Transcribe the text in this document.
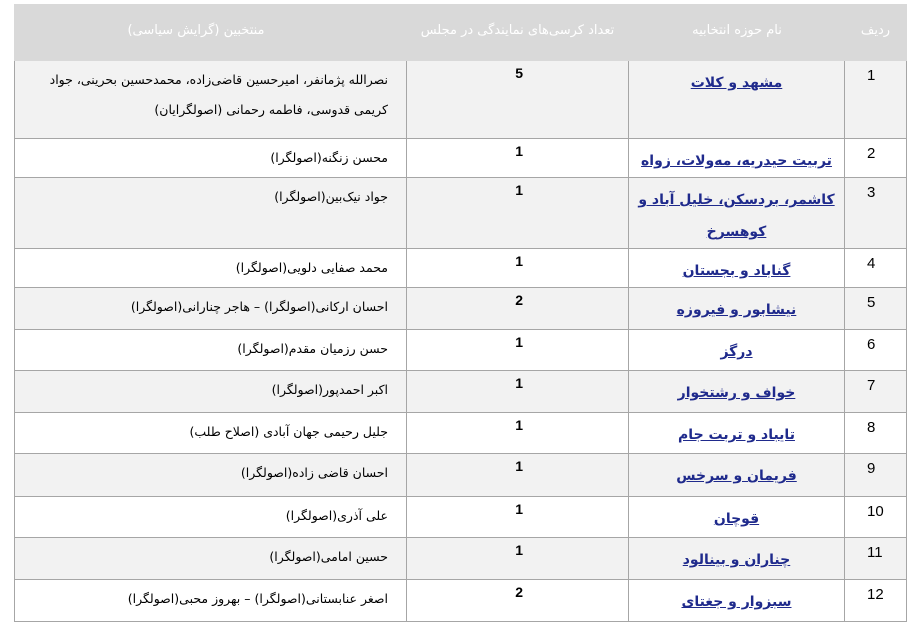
ردیف	نام حوزه انتخابیه	تعداد کرسی‌های نمایندگی در مجلس	منتخبین (گرایش سیاسی)
1	مشهد و کلات	5	نصرالله پژمانفر، امیرحسین قاضی‌زاده، محمدحسین بحرینی، جواد کریمی قدوسی، فاطمه رحمانی (اصولگرایان)
2	تربیت حیدریه، مه‌ولات، زواه	1	محسن زنگنه(اصولگرا)
3	کاشمر، بردسکن، خلیل آباد و کوهسرخ	1	جواد نیک‌بین(اصولگرا)
4	گناباد و بجستان	1	محمد صفایی دلویی(اصولگرا)
5	نیشابور و فیروزه	2	احسان ارکانی(اصولگرا) – هاجر چنارانی(اصولگرا)
6	درگز	1	حسن رزمیان مقدم(اصولگرا)
7	خواف و رشتخوار	1	اکبر احمدپور(اصولگرا)
8	تایباد و تربت جام	1	جلیل رحیمی جهان آبادی (اصلاح طلب)
9	فریمان و سرخس	1	احسان قاضی زاده(اصولگرا)
10	قوچان	1	علی آذری(اصولگرا)
11	چناران و بینالود	1	حسین امامی(اصولگرا)
12	سبزوار و جغتای	2	اصغر عنابستانی(اصولگرا) – بهروز محبی(اصولگرا)
